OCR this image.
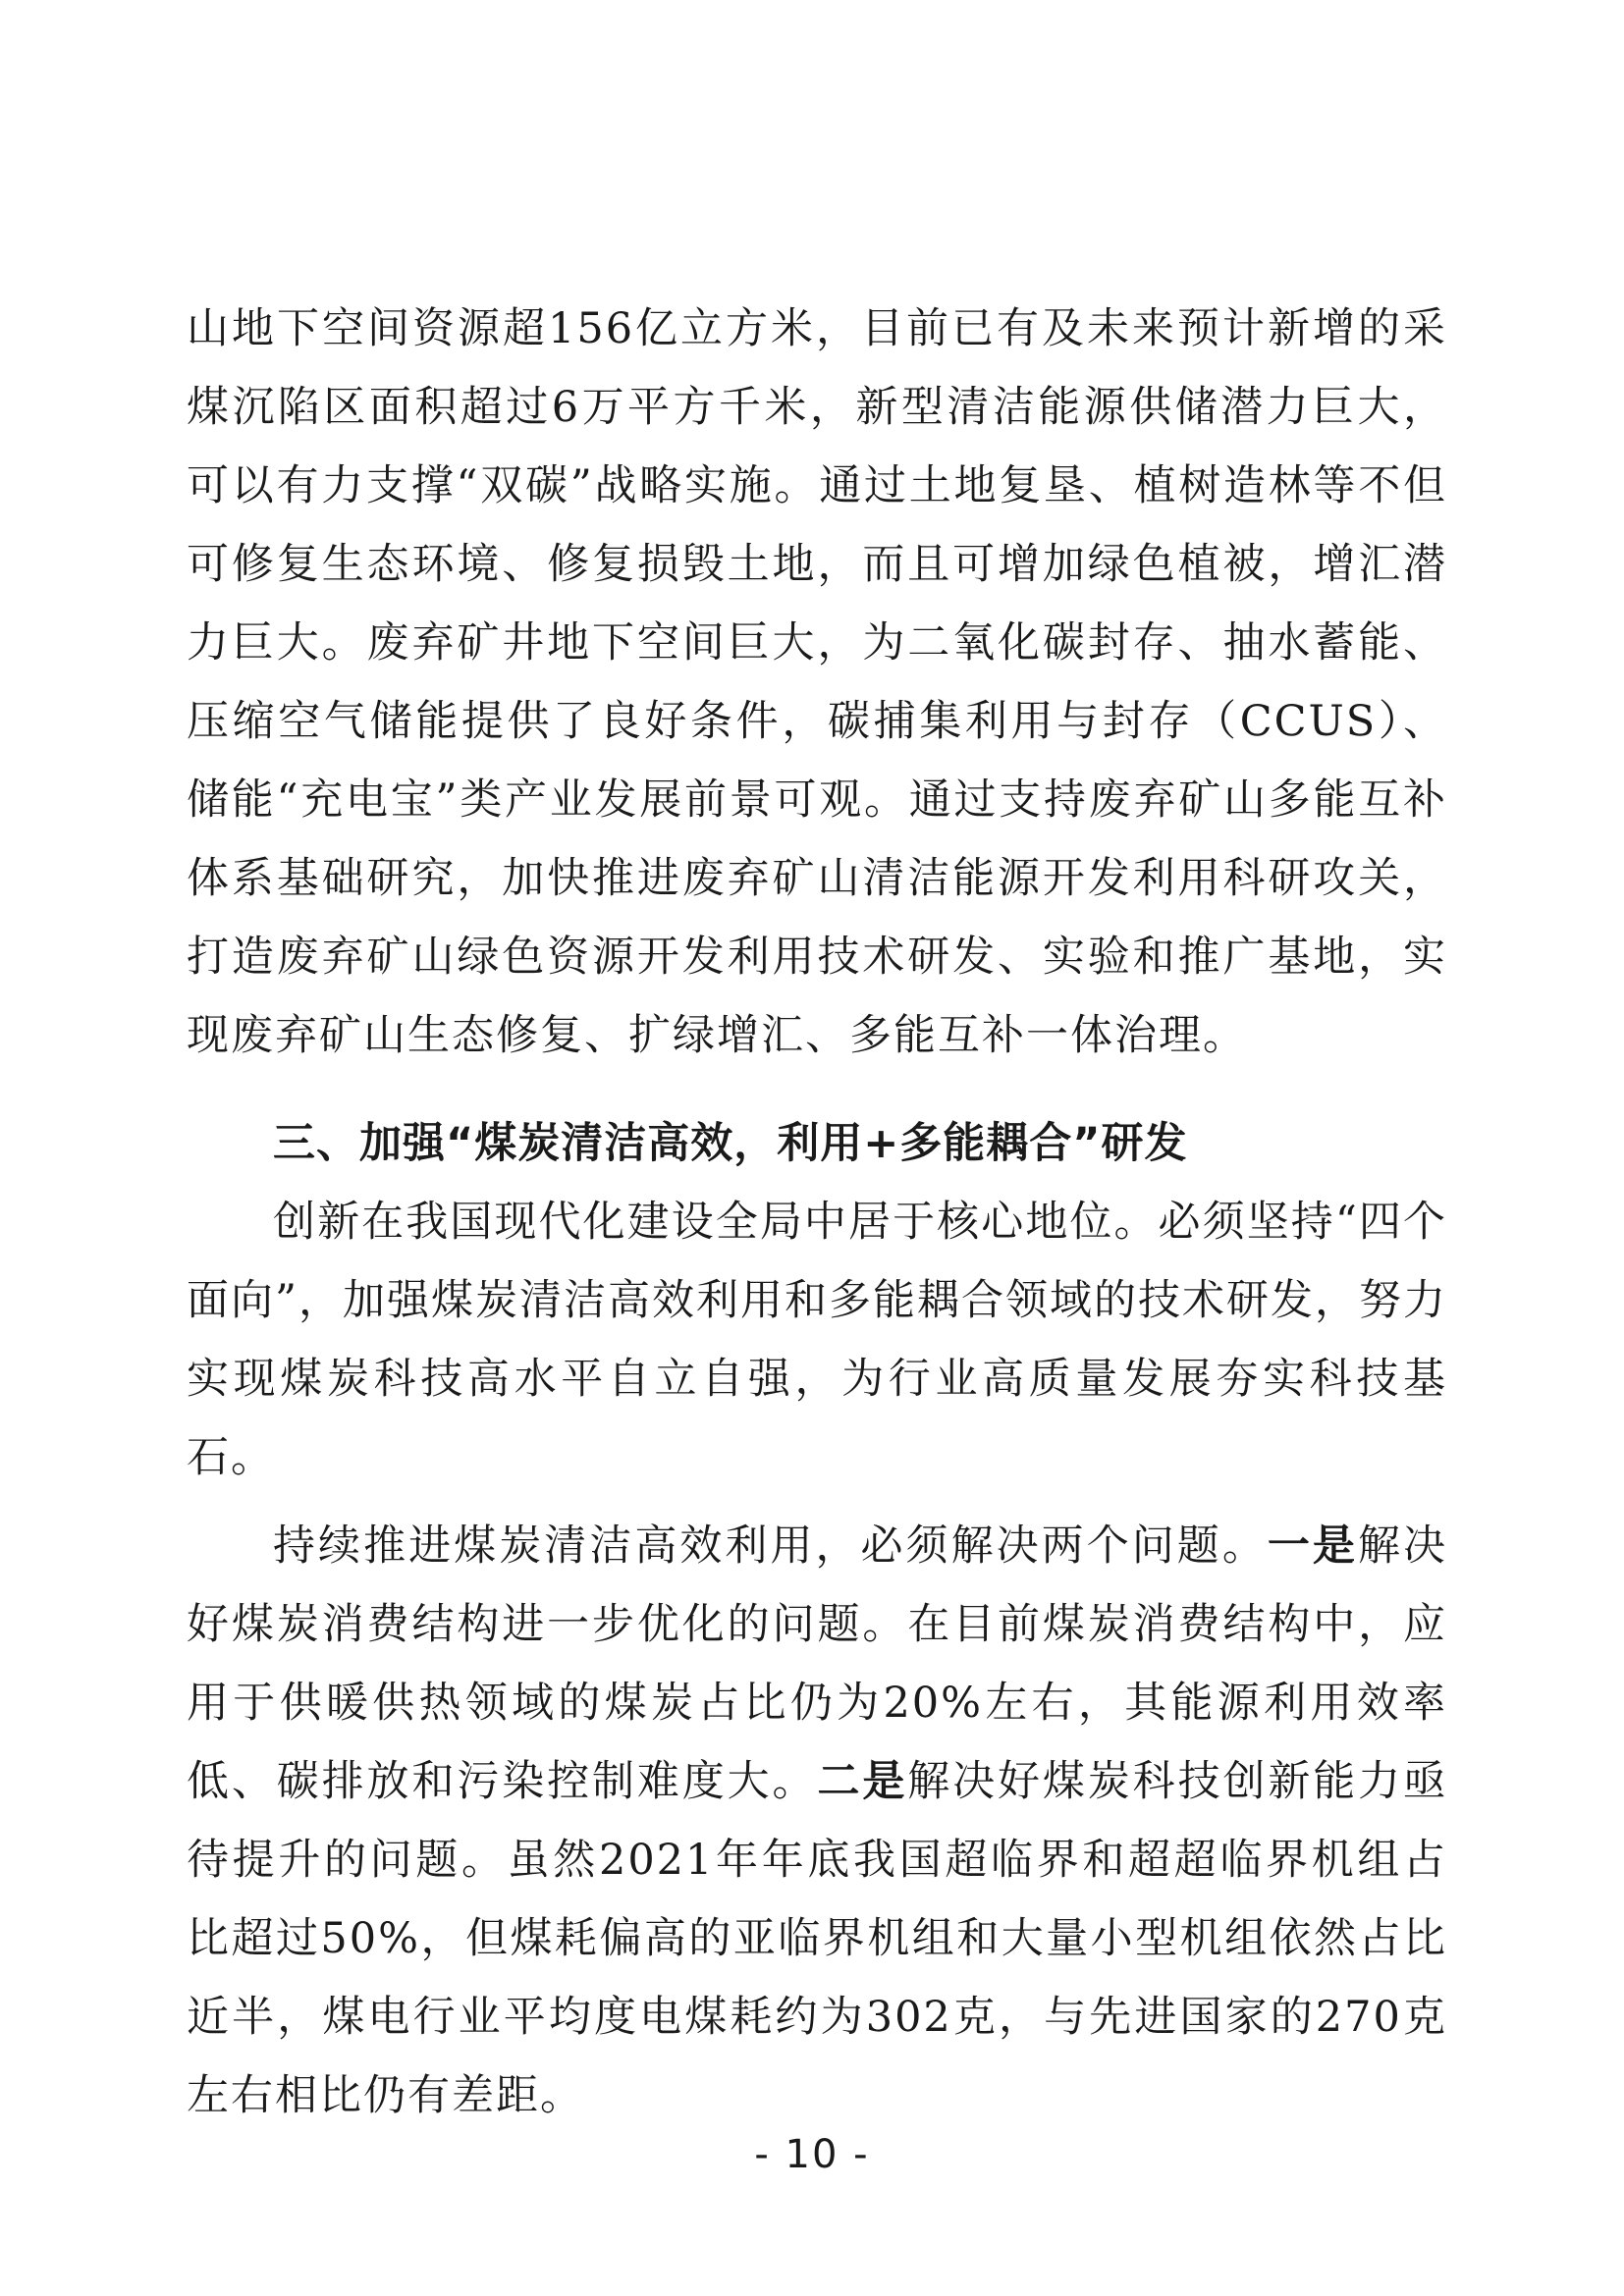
山地下空间资源超156亿立方米，目前已有及未来预计新增的采煤沉陷区面积超过6万平方千米，新型清洁能源供储潜力巨大，可以有力支撑“双碳”战略实施。通过土地复垦、植树造林等不但可修复生态环境、修复损毁土地，而且可增加绿色植被，增汇潜力巨大。废弃矿井地下空间巨大，为二氧化碳封存、抽水蓄能、压缩空气储能提供了良好条件，碳捕集利用与封存（CCUS）、储能“充电宝”类产业发展前景可观。通过支持废弃矿山多能互补体系基础研究，加快推进废弃矿山清洁能源开发利用科研攻关，打造废弃矿山绿色资源开发利用技术研发、实验和推广基地，实现废弃矿山生态修复、扩绿增汇、多能互补一体治理。

三、加强“煤炭清洁高效，利用+多能耦合”研发

创新在我国现代化建设全局中居于核心地位。必须坚持“四个面向”，加强煤炭清洁高效利用和多能耦合领域的技术研发，努力实现煤炭科技高水平自立自强，为行业高质量发展夯实科技基石。

持续推进煤炭清洁高效利用，必须解决两个问题。一是解决好煤炭消费结构进一步优化的问题。在目前煤炭消费结构中，应用于供暖供热领域的煤炭占比仍为20%左右，其能源利用效率低、碳排放和污染控制难度大。二是解决好煤炭科技创新能力亟待提升的问题。虽然2021年年底我国超临界和超超临界机组占比超过50%，但煤耗偏高的亚临界机组和大量小型机组依然占比近半，煤电行业平均度电煤耗约为302克，与先进国家的270克左右相比仍有差距。

- 10 -
